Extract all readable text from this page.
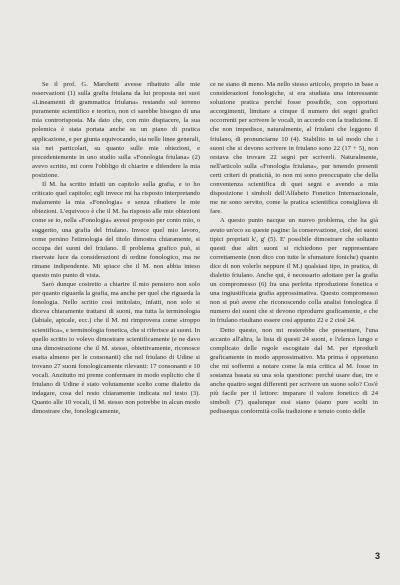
Se il prof. G. Marchetti avesse ribattuto alle mie osservazioni (1) sulla grafia friulana da lui proposta nei suoi «Lineamenti di grammatica friulana» restando sul terreno puramente scientifico e teorico, non ci sarebbe bisogno di una mia controrisposta. Ma dato che, con mio dispiacere, la sua polemica è stata portata anche su un piano di pratica applicazione, e per giunta equivocando, sia nelle linee generali, sia nei particolari, su quanto sulle mie obiezioni, e precedentemente in uno studio sulla «Fonologia friulana» (2) avevo scritto, mi corre l'obbligo di chiarire e difendere la mia posizione.

Il M. ha scritto infatti un capitolo sulla grafia, e io ho criticato quel capitolo; egli invece mi ha risposto interpretando malamente la mia «Fonologia» e senza ribattere le mie obiezioni. L'equivoco è che il M. ha risposto alle mie obiezioni come se io, nella «Fonologia» avessi proposto per conto mio, o suggerito, una grafia del friulano. Invece quel mio lavoro, come persino l'etimologia del titolo dimostra chiaramente, si occupa dei suoni del friulano. Il problema grafico può, si riservate luce da considerazioni di ordine fonologico, ma ne rimane indipendente. Mi spiace che il M. non abbia inteso questo mio punto di vista.

Sarò dunque costretto a chiarire il mio pensiero non solo per quanto riguarda la grafia, ma anche per quel che riguarda la fonologia. Nello scritto così intitolato, infatti, non solo si diceva chiaramente trattarsi di suoni, ma tutta la terminologia (labiale, apicale, ecc.) che il M. mi rimprovera come «troppo scientifica», e terminologia fonetica, che si riferisce ai suoni. In quello scritto io volevo dimostrare scientificamente (e ne davo una dimostrazione che il M. stesso, obiettivamente, riconosce esatta almeno per le consonanti) che nel friulano di Udine si trovano 27 suoni fonologicamente rilevanti: 17 consonanti e 10 vocali. Anzitutto mi preme confermare in modo esplicito che il friulano di Udine è stato volutamente scelto come dialetto da indagare, cosa del resto chiaramente indicata nel testo (3). Quanto alle 10 vocali, il M. stesso non potrebbe in alcun modo dimostrare che, fonologicamente,

ce ne siano di meno. Ma nello stesso articolo, proprio in base a considerazioni fonologiche, si era studiata una interessante soluzione pratica perché fosse possibile, con opportuni accorgimenti, limitare a cinque il numero dei segni grafici occorrenti per scrivere le vocali, in accordo con la tradizione. Il che non impedisce, naturalmente, al friulani che leggono il friulano, di pronunciarne 10 (4). Stabilito in tal modo che i suoni che si devono scrivere in friulano sono 22 (17 + 5), non restava che trovare 22 segni per scriverli. Naturalmente, nell'articolo sulla «Fonologia friulana», pur tenendo presenti certi criteri di praticità, io non mi sono preoccupato che della convenienza scientifica di quei segni e avendo a mia disposizione i simboli dell'Alfabeto Fonetico Internazionale, me ne sono servito, come la pratica scientifica consigliava di fare.

A questo punto nacque un nuovo problema, che ha già avuto un'eco su queste pagine: la conservazione, cioè, dei suoni tipici propriati k', g' (5). E' possibile dimostrare che soltanto questi due altri suoni si richiedono per rappresentare correttamente (non dico con tutte le sfumature foniche) quanto dice di non volerlo neppure il M.) qualsiasi tipo, in pratica, di dialetto friulano. Anche qui, è necessario adottare per la grafia un compromesso (6) fra una perfetta riproduzione fonetica e una ingiustificata grafia approssimativa. Questo compromesso non si può avere che riconoscendo colla analisi fonologica il numero dei suoni che si devono riprodurre graficamente, e che in friulano risultano essere così appunto 22 e 2 cioè 24.

Detto questo, non mi resterebbe che presentare, l'una accanto all'altra, la lista di questi 24 suoni, e l'elenco lungo e complicato delle regole escogitate dal M. per riprodurli graficamente in modo approssimativo. Ma prima è opportuno che mi soffermi a notare come la mia critica al M. fosse in sostanza basata su una sola questione: perché usare due, tre e anche quattro segni differenti per scrivere un suono solo? Cos'è più facile per il lettore: imparare il valore fonetico di 24 simboli (7) qualunque essi siano (siano pure scelti in pedissequa conformità colla tradizione e tenuto conto delle

3
